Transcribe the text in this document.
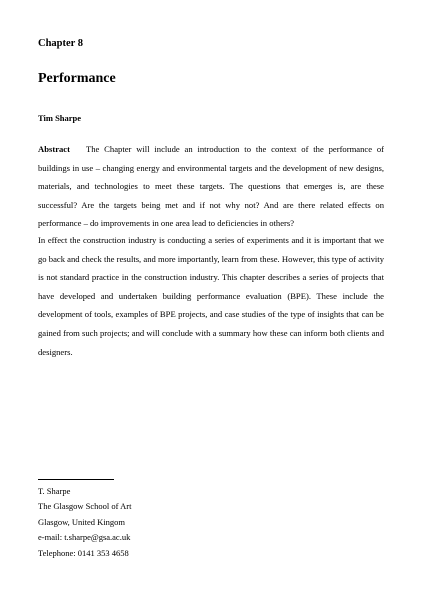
Chapter 8
Performance

Tim Sharpe

Abstract The Chapter will include an introduction to the context of the performance of buildings in use – changing energy and environmental targets and the development of new designs, materials, and technologies to meet these targets. The questions that emerges is, are these successful? Are the targets being met and if not why not? And are there related effects on performance – do improvements in one area lead to deficiencies in others?

In effect the construction industry is conducting a series of experiments and it is important that we go back and check the results, and more importantly, learn from these. However, this type of activity is not standard practice in the construction industry. This chapter describes a series of projects that have developed and undertaken building performance evaluation (BPE). These include the development of tools, examples of BPE projects, and case studies of the type of insights that can be gained from such projects; and will conclude with a summary how these can inform both clients and designers.

T. Sharpe
The Glasgow School of Art
Glasgow, United Kingom
e-mail: t.sharpe@gsa.ac.uk
Telephone: 0141 353 4658
